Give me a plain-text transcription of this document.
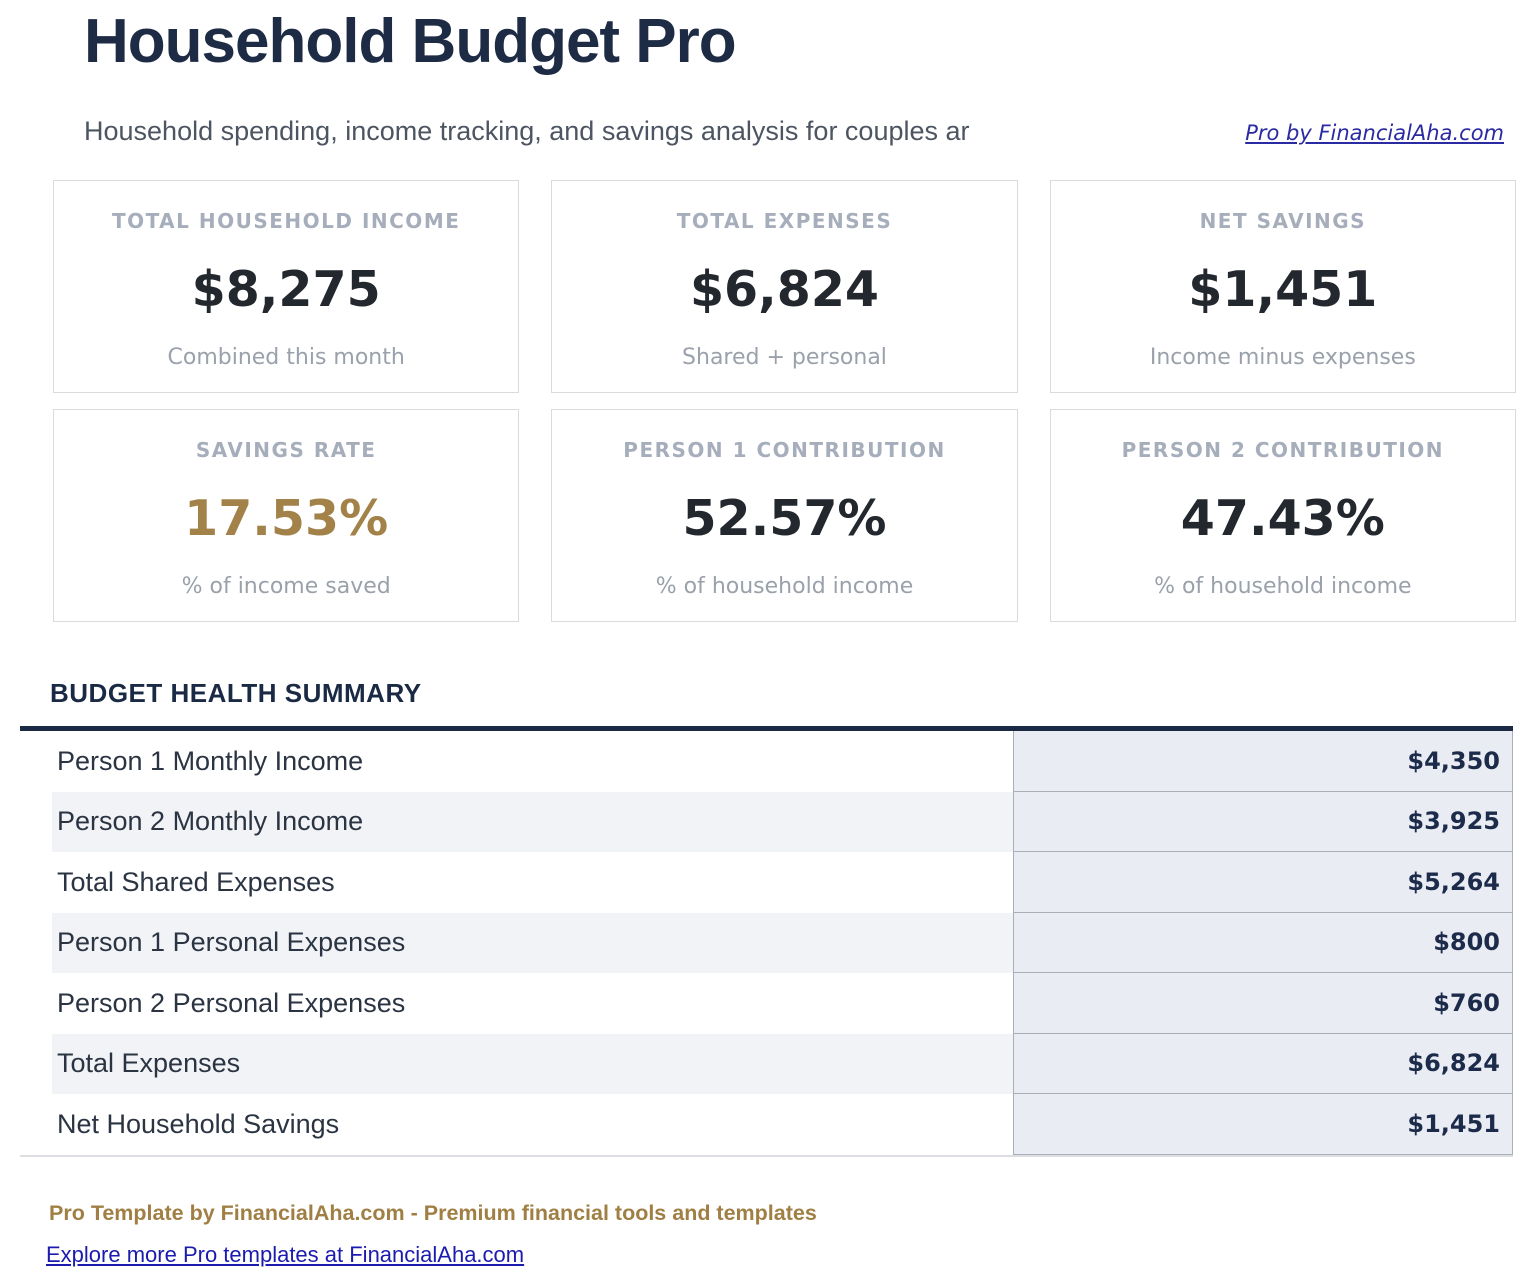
Household Budget Pro
Household spending, income tracking, and savings analysis for couples ar	Pro by FinancialAha.com
TOTAL HOUSEHOLD INCOME
$8,275
Combined this month
TOTAL EXPENSES
$6,824
Shared + personal
NET SAVINGS
$1,451
Income minus expenses
SAVINGS RATE
17.53%
% of income saved
PERSON 1 CONTRIBUTION
52.57%
% of household income
PERSON 2 CONTRIBUTION
47.43%
% of household income
BUDGET HEALTH SUMMARY
Person 1 Monthly Income	$4,350
Person 2 Monthly Income	$3,925
Total Shared Expenses	$5,264
Person 1 Personal Expenses	$800
Person 2 Personal Expenses	$760
Total Expenses	$6,824
Net Household Savings	$1,451
Pro Template by FinancialAha.com - Premium financial tools and templates
Explore more Pro templates at FinancialAha.com
